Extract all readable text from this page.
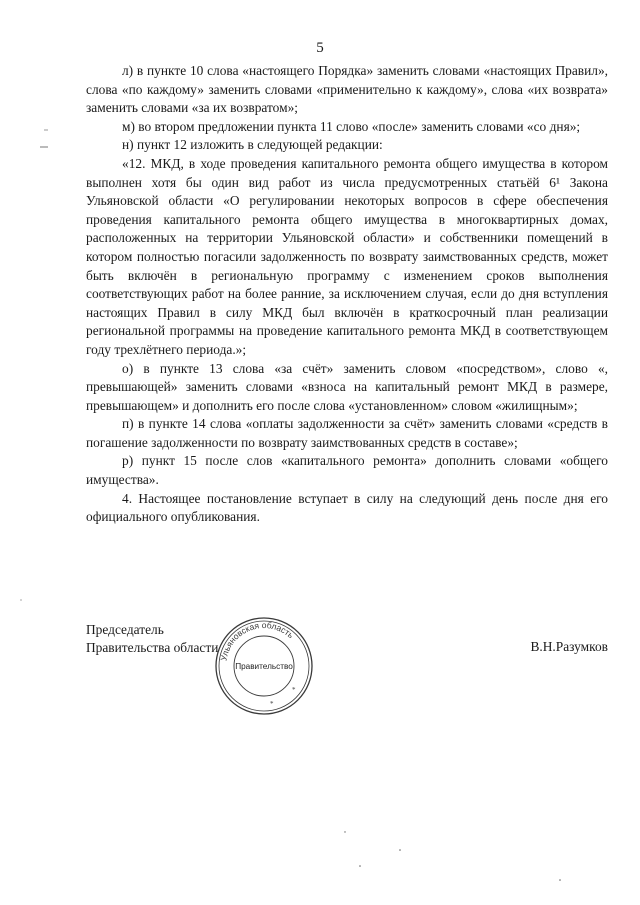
5

л) в пункте 10 слова «настоящего Порядка» заменить словами «настоящих Правил», слова «по каждому» заменить словами «применительно к каждому», слова «их возврата» заменить словами «за их возвратом»;

м) во втором предложении пункта 11 слово «после» заменить словами «со дня»;

н) пункт 12 изложить в следующей редакции:

«12. МКД, в ходе проведения капитального ремонта общего имущества в котором выполнен хотя бы один вид работ из числа предусмотренных статьёй 6¹ Закона Ульяновской области «О регулировании некоторых вопросов в сфере обеспечения проведения капитального ремонта общего имущества в многоквартирных домах, расположенных на территории Ульяновской области» и собственники помещений в котором полностью погасили задолженность по возврату заимствованных средств, может быть включён в региональную программу с изменением сроков выполнения соответствующих работ на более ранние, за исключением случая, если до дня вступления настоящих Правил в силу МКД был включён в краткосрочный план реализации региональной программы на проведение капитального ремонта МКД в соответствующем году трехлётнего периода.»;

о) в пункте 13 слова «за счёт» заменить словом «посредством», слово «, превышающей» заменить словами «взноса на капитальный ремонт МКД в размере, превышающем» и дополнить его после слова «установленном» словом «жилищным»;

п) в пункте 14 слова «оплаты задолженности за счёт» заменить словами «средств в погашение задолженности по возврату заимствованных средств в составе»;

р) пункт 15 после слов «капитального ремонта» дополнить словами «общего имущества».

4. Настоящее постановление вступает в силу на следующий день после дня его официального опубликования.

Председатель
Правительства области	В.Н.Разумков
Ульяновская область
Правительство
*
*
